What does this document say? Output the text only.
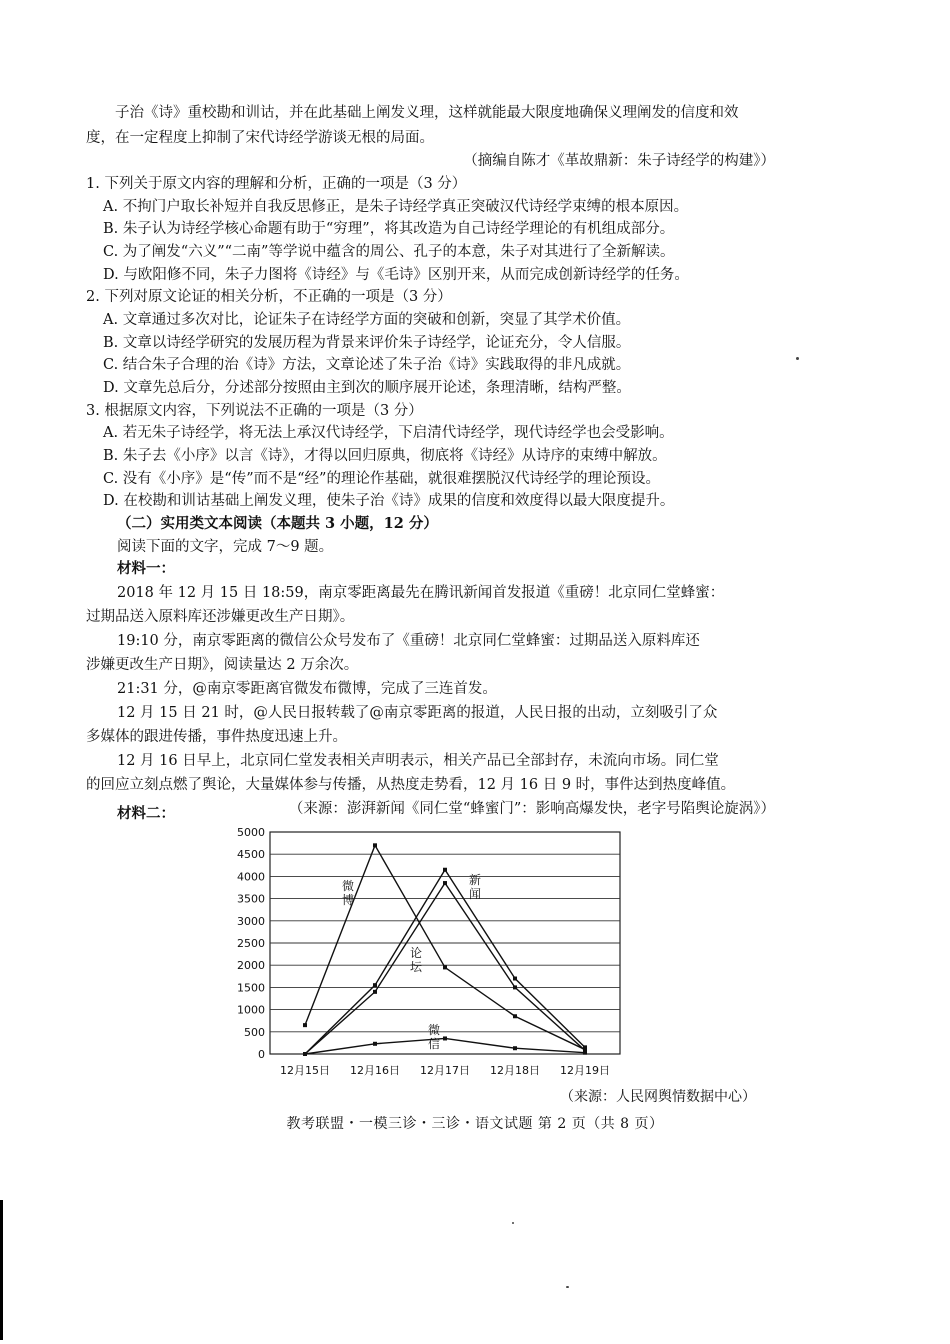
子治《诗》重校勘和训诂，并在此基础上阐发义理，这样就能最大限度地确保义理阐发的信度和效
度，在一定程度上抑制了宋代诗经学游谈无根的局面。
（摘编自陈才《革故鼎新：朱子诗经学的构建》）
1. 下列关于原文内容的理解和分析，正确的一项是（3 分）
A. 不拘门户取长补短并自我反思修正，是朱子诗经学真正突破汉代诗经学束缚的根本原因。
B. 朱子认为诗经学核心命题有助于“穷理”，将其改造为自己诗经学理论的有机组成部分。
C. 为了阐发“六义”“二南”等学说中蕴含的周公、孔子的本意，朱子对其进行了全新解读。
D. 与欧阳修不同，朱子力图将《诗经》与《毛诗》区别开来，从而完成创新诗经学的任务。
2. 下列对原文论证的相关分析，不正确的一项是（3 分）
A. 文章通过多次对比，论证朱子在诗经学方面的突破和创新，突显了其学术价值。
B. 文章以诗经学研究的发展历程为背景来评价朱子诗经学，论证充分，令人信服。
C. 结合朱子合理的治《诗》方法，文章论述了朱子治《诗》实践取得的非凡成就。
D. 文章先总后分，分述部分按照由主到次的顺序展开论述，条理清晰，结构严整。
3. 根据原文内容，下列说法不正确的一项是（3 分）
A. 若无朱子诗经学，将无法上承汉代诗经学，下启清代诗经学，现代诗经学也会受影响。
B. 朱子去《小序》以言《诗》，才得以回归原典，彻底将《诗经》从诗序的束缚中解放。
C. 没有《小序》是“传”而不是“经”的理论作基础，就很难摆脱汉代诗经学的理论预设。
D. 在校勘和训诂基础上阐发义理，使朱子治《诗》成果的信度和效度得以最大限度提升。
（二）实用类文本阅读（本题共 3 小题，12 分）
阅读下面的文字，完成 7～9 题。
材料一：
2018 年 12 月 15 日 18:59，南京零距离最先在腾讯新闻首发报道《重磅！北京同仁堂蜂蜜：
过期品送入原料库还涉嫌更改生产日期》。
19:10 分，南京零距离的微信公众号发布了《重磅！北京同仁堂蜂蜜：过期品送入原料库还
涉嫌更改生产日期》，阅读量达 2 万余次。
21:31 分，@南京零距离官微发布微博，完成了三连首发。
12 月 15 日 21 时，@人民日报转载了@南京零距离的报道，人民日报的出动，立刻吸引了众
多媒体的跟进传播，事件热度迅速上升。
12 月 16 日早上，北京同仁堂发表相关声明表示，相关产品已全部封存，未流向市场。同仁堂
的回应立刻点燃了舆论，大量媒体参与传播，从热度走势看，12 月 16 日 9 时，事件达到热度峰值。
（来源：澎湃新闻《同仁堂“蜂蜜门”：影响高爆发快，老字号陷舆论旋涡》）
材料二：
0
500
1000
1500
2000
2500
3000
3500
4000
4500
5000
12月15日 12月16日 12月17日 12月18日 12月19日
微博
新闻
论坛
微信
（来源：人民网舆情数据中心）
教考联盟・一模三诊・三诊・语文试题 第 2 页（共 8 页）
